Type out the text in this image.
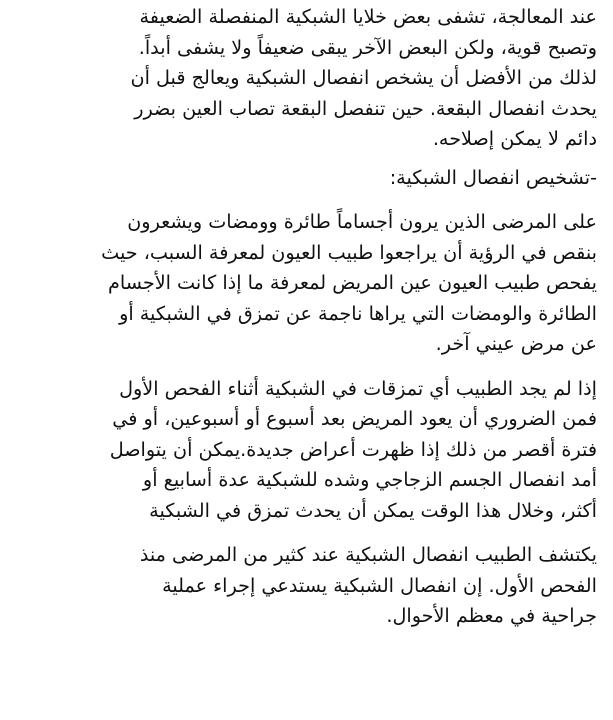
عند المعالجة، تشفى بعض خلايا الشبكية المنفصلة الضعيفة
وتصبح قوية، ولكن البعض الآخر يبقى ضعيفاً ولا يشفى أبداً.
لذلك من الأفضل أن يشخص انفصال الشبكية ويعالج قبل أن
يحدث انفصال البقعة. حين تنفصل البقعة تصاب العين بضرر
دائم لا يمكن إصلاحه.
-تشخيص انفصال الشبكية:
على المرضى الذين يرون أجساماً طائرة وومضات ويشعرون
بنقص في الرؤية أن يراجعوا طبيب العيون لمعرفة السبب، حيث
يفحص طبيب العيون عين المريض لمعرفة ما إذا كانت الأجسام
الطائرة والومضات التي يراها ناجمة عن تمزق في الشبكية أو
عن مرض عيني آخر.
إذا لم يجد الطبيب أي تمزقات في الشبكية أثناء الفحص الأول
فمن الضروري أن يعود المريض بعد أسبوع أو أسبوعين، أو في
فترة أقصر من ذلك إذا ظهرت أعراض جديدة.يمكن أن يتواصل
أمد انفصال الجسم الزجاجي وشده للشبكية عدة أسابيع أو
أكثر، وخلال هذا الوقت يمكن أن يحدث تمزق في الشبكية
يكتشف الطبيب انفصال الشبكية عند كثير من المرضى منذ
الفحص الأول. إن انفصال الشبكية يستدعي إجراء عملية
جراحية في معظم الأحوال.
